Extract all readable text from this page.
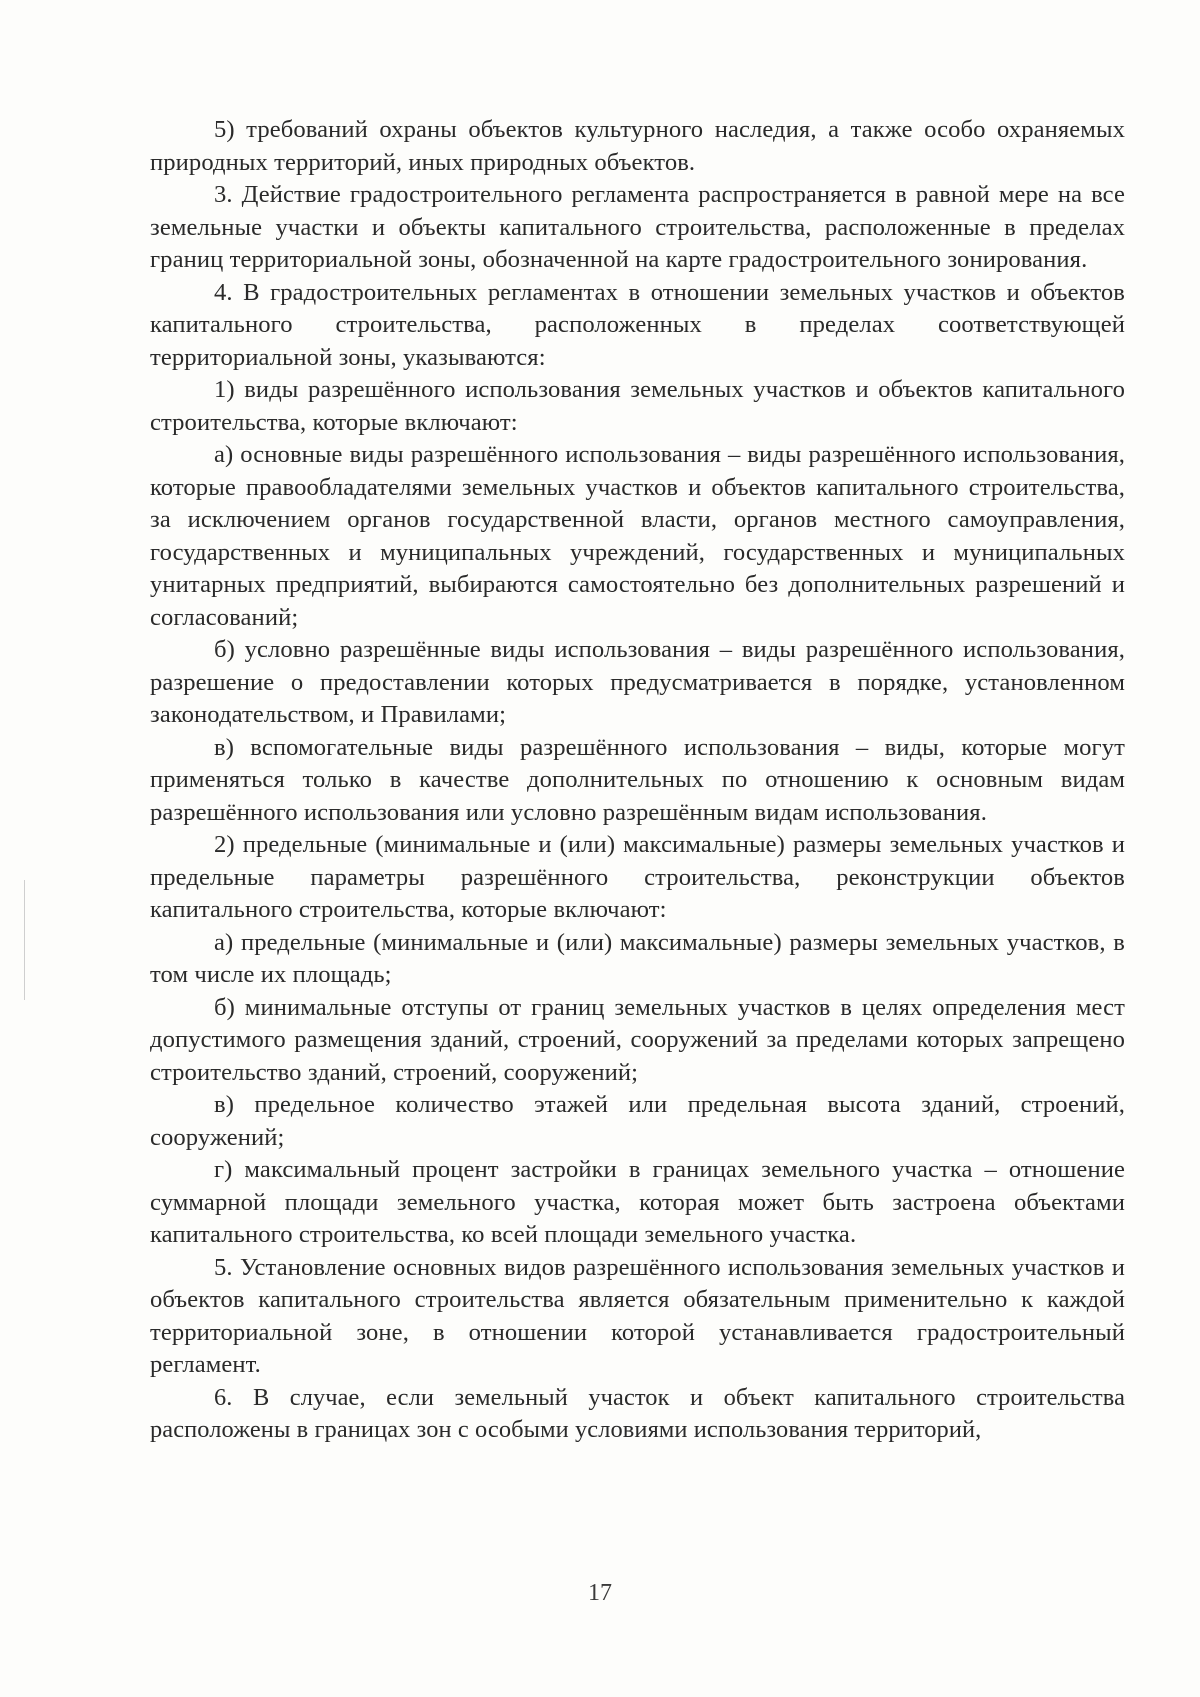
5) требований охраны объектов культурного наследия, а также особо охраняемых природных территорий, иных природных объектов.

3. Действие градостроительного регламента распространяется в равной мере на все земельные участки и объекты капитального строительства, расположенные в пределах границ территориальной зоны, обозначенной на карте градостроительного зонирования.

4. В градостроительных регламентах в отношении земельных участков и объектов капитального строительства, расположенных в пределах соответствующей территориальной зоны, указываются:

1) виды разрешённого использования земельных участков и объектов капитального строительства, которые включают:

а) основные виды разрешённого использования – виды разрешённого использования, которые правообладателями земельных участков и объектов капитального строительства, за исключением органов государственной власти, органов местного самоуправления, государственных и муниципальных учреждений, государственных и муниципальных унитарных предприятий, выбираются самостоятельно без дополнительных разрешений и согласований;

б) условно разрешённые виды использования – виды разрешённого использования, разрешение о предоставлении которых предусматривается в порядке, установленном законодательством, и Правилами;

в) вспомогательные виды разрешённого использования – виды, которые могут применяться только в качестве дополнительных по отношению к основным видам разрешённого использования или условно разрешённым видам использования.

2) предельные (минимальные и (или) максимальные) размеры земельных участков и предельные параметры разрешённого строительства, реконструкции объектов капитального строительства, которые включают:

а) предельные (минимальные и (или) максимальные) размеры земельных участков, в том числе их площадь;

б) минимальные отступы от границ земельных участков в целях определения мест допустимого размещения зданий, строений, сооружений за пределами которых запрещено строительство зданий, строений, сооружений;

в) предельное количество этажей или предельная высота зданий, строений, сооружений;

г) максимальный процент застройки в границах земельного участка – отношение суммарной площади земельного участка, которая может быть застроена объектами капитального строительства, ко всей площади земельного участка.

5. Установление основных видов разрешённого использования земельных участков и объектов капитального строительства является обязательным применительно к каждой территориальной зоне, в отношении которой устанавливается градостроительный регламент.

6. В случае, если земельный участок и объект капитального строительства расположены в границах зон с особыми условиями использования территорий,

17
